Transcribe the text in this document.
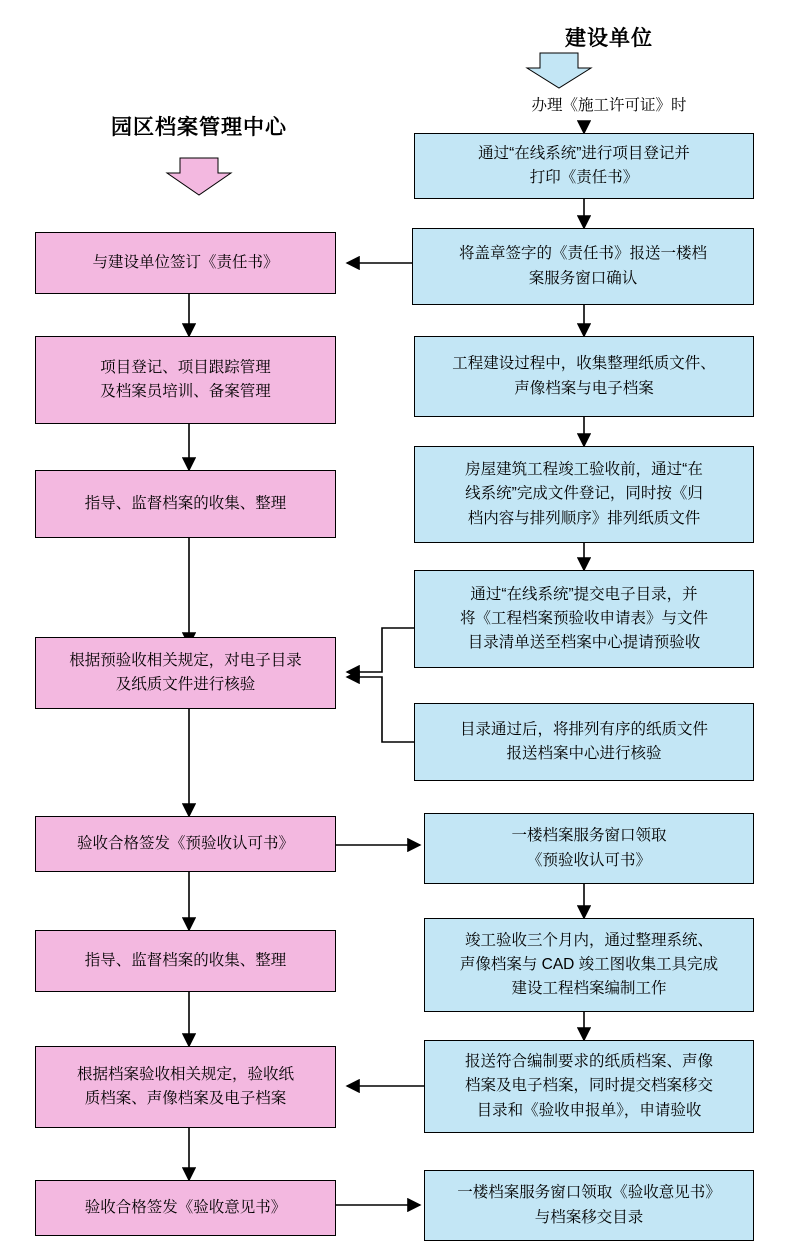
建设单位
园区档案管理中心
办理《施工许可证》时
通过“在线系统”进行项目登记并
打印《责任书》
将盖章签字的《责任书》报送一楼档
案服务窗口确认
工程建设过程中，收集整理纸质文件、
声像档案与电子档案
房屋建筑工程竣工验收前，通过“在
线系统”完成文件登记，同时按《归
档内容与排列顺序》排列纸质文件
通过“在线系统”提交电子目录，并
将《工程档案预验收申请表》与文件
目录清单送至档案中心提请预验收
目录通过后，将排列有序的纸质文件
报送档案中心进行核验
一楼档案服务窗口领取
《预验收认可书》
竣工验收三个月内，通过整理系统、
声像档案与 CAD 竣工图收集工具完成
建设工程档案编制工作
报送符合编制要求的纸质档案、声像
档案及电子档案，同时提交档案移交
目录和《验收申报单》，申请验收
一楼档案服务窗口领取《验收意见书》
与档案移交目录
与建设单位签订《责任书》
项目登记、项目跟踪管理
及档案员培训、备案管理
指导、监督档案的收集、整理
根据预验收相关规定，对电子目录
及纸质文件进行核验
验收合格签发《预验收认可书》
指导、监督档案的收集、整理
根据档案验收相关规定，验收纸
质档案、声像档案及电子档案
验收合格签发《验收意见书》
